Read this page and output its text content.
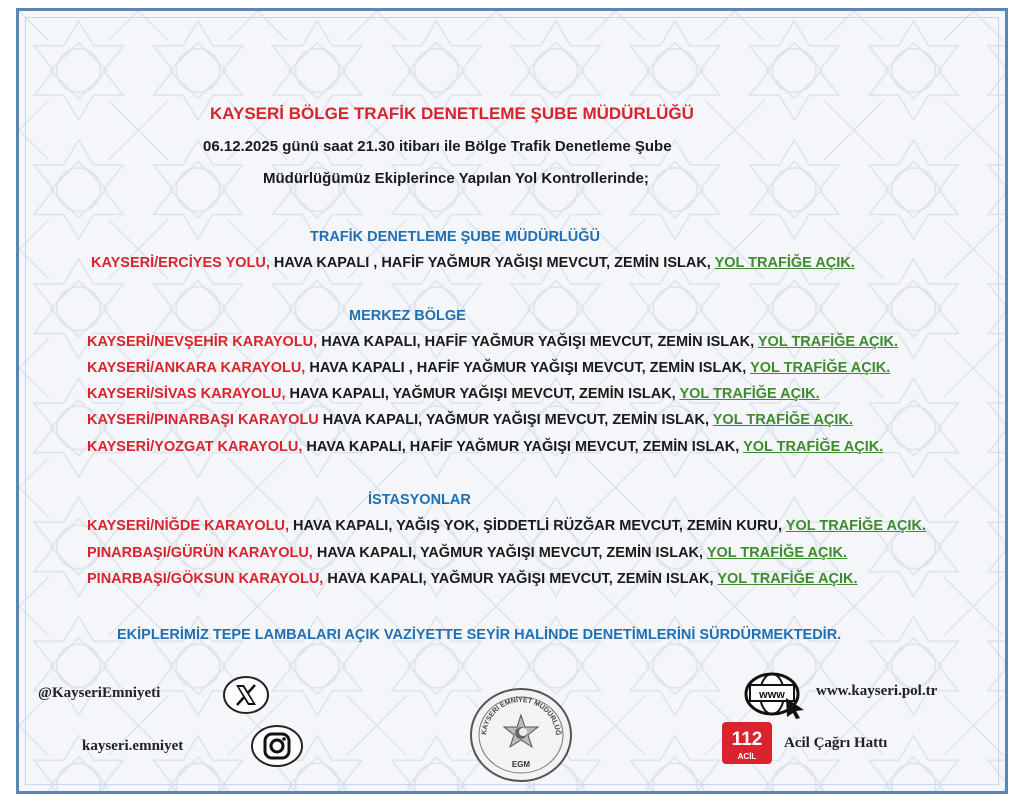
KAYSERİ BÖLGE TRAFİK DENETLEME ŞUBE MÜDÜRLÜĞÜ
06.12.2025 günü saat 21.30 itibarı ile Bölge Trafik Denetleme Şube
Müdürlüğümüz Ekiplerince Yapılan Yol Kontrollerinde;
TRAFİK DENETLEME ŞUBE MÜDÜRLÜĞÜ
KAYSERİ/ERCİYES YOLU, HAVA KAPALI , HAFİF YAĞMUR YAĞIŞI MEVCUT, ZEMİN ISLAK, YOL TRAFİĞE AÇIK.
MERKEZ BÖLGE
KAYSERİ/NEVŞEHİR KARAYOLU, HAVA KAPALI, HAFİF YAĞMUR YAĞIŞI MEVCUT, ZEMİN ISLAK, YOL TRAFİĞE AÇIK.
KAYSERİ/ANKARA KARAYOLU, HAVA KAPALI , HAFİF YAĞMUR YAĞIŞI MEVCUT, ZEMİN ISLAK, YOL TRAFİĞE AÇIK.
KAYSERİ/SİVAS KARAYOLU, HAVA KAPALI, YAĞMUR YAĞIŞI MEVCUT, ZEMİN ISLAK, YOL TRAFİĞE AÇIK.
KAYSERİ/PINARBAŞI KARAYOLU HAVA KAPALI, YAĞMUR YAĞIŞI MEVCUT, ZEMİN ISLAK, YOL TRAFİĞE AÇIK.
KAYSERİ/YOZGAT KARAYOLU, HAVA KAPALI, HAFİF YAĞMUR YAĞIŞI MEVCUT, ZEMİN ISLAK, YOL TRAFİĞE AÇIK.
İSTASYONLAR
KAYSERİ/NİĞDE KARAYOLU, HAVA KAPALI, YAĞIŞ YOK, ŞİDDETLİ RÜZĞAR MEVCUT, ZEMİN KURU, YOL TRAFİĞE AÇIK.
PINARBAŞI/GÜRÜN KARAYOLU, HAVA KAPALI, YAĞMUR YAĞIŞI MEVCUT, ZEMİN ISLAK, YOL TRAFİĞE AÇIK.
PINARBAŞI/GÖKSUN KARAYOLU, HAVA KAPALI, YAĞMUR YAĞIŞI MEVCUT, ZEMİN ISLAK, YOL TRAFİĞE AÇIK.
EKİPLERİMİZ TEPE LAMBALARI AÇIK VAZİYETTE SEYİR HALİNDE DENETİMLERİNİ SÜRDÜRMEKTEDİR.
@KayseriEmniyeti
kayseri.emniyet
KAYSERİ EMNİYET MÜDÜRLÜĞ
EGM
www www.kayseri.pol.tr
112
ACİL
Acil Çağrı Hattı
